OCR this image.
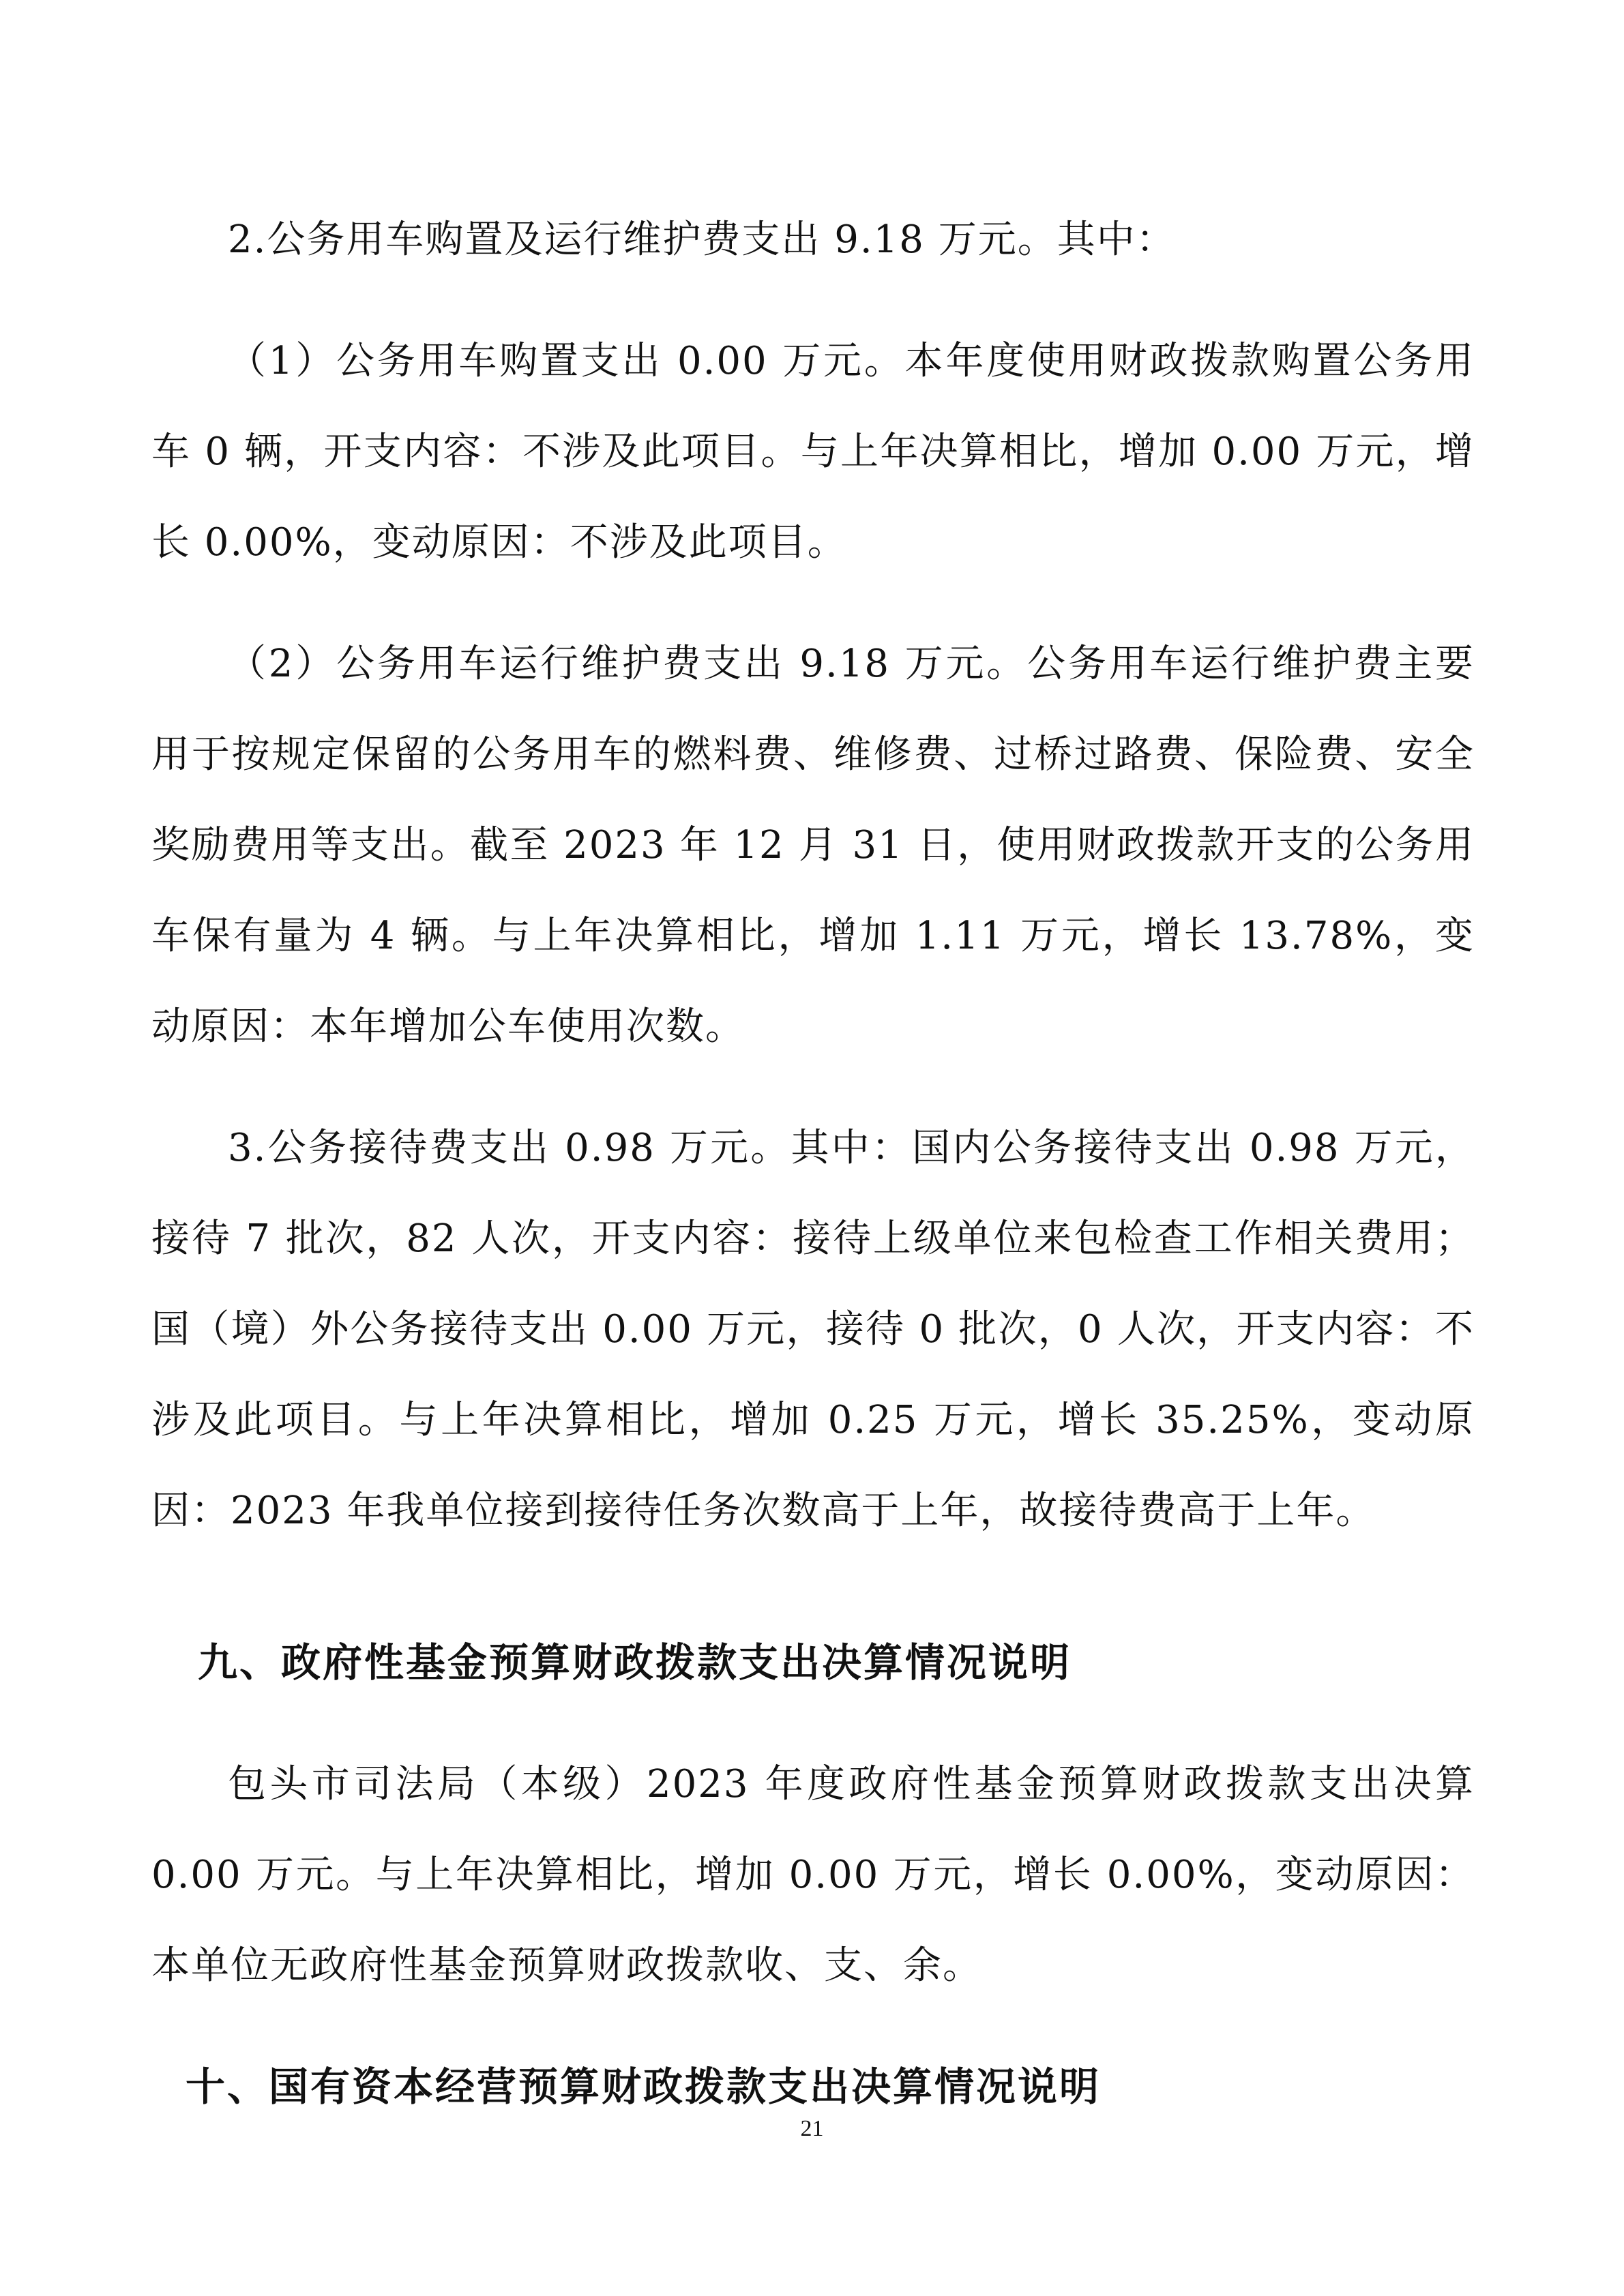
2.公务用车购置及运行维护费支出 9.18 万元。其中：

（1）公务用车购置支出 0.00 万元。本年度使用财政拨款购置公务用车 0 辆，开支内容：不涉及此项目。与上年决算相比，增加 0.00 万元，增长 0.00%，变动原因：不涉及此项目。

（2）公务用车运行维护费支出 9.18 万元。公务用车运行维护费主要用于按规定保留的公务用车的燃料费、维修费、过桥过路费、保险费、安全奖励费用等支出。截至 2023 年 12 月 31 日，使用财政拨款开支的公务用车保有量为 4 辆。与上年决算相比，增加 1.11 万元，增长 13.78%，变动原因：本年增加公车使用次数。

3.公务接待费支出 0.98 万元。其中：国内公务接待支出 0.98 万元，接待 7 批次，82 人次，开支内容：接待上级单位来包检查工作相关费用；国（境）外公务接待支出 0.00 万元，接待 0 批次，0 人次，开支内容：不涉及此项目。与上年决算相比，增加 0.25 万元，增长 35.25%，变动原因：2023 年我单位接到接待任务次数高于上年，故接待费高于上年。

九、政府性基金预算财政拨款支出决算情况说明

包头市司法局（本级）2023 年度政府性基金预算财政拨款支出决算 0.00 万元。与上年决算相比，增加 0.00 万元，增长 0.00%，变动原因：本单位无政府性基金预算财政拨款收、支、余。

十、国有资本经营预算财政拨款支出决算情况说明
21
